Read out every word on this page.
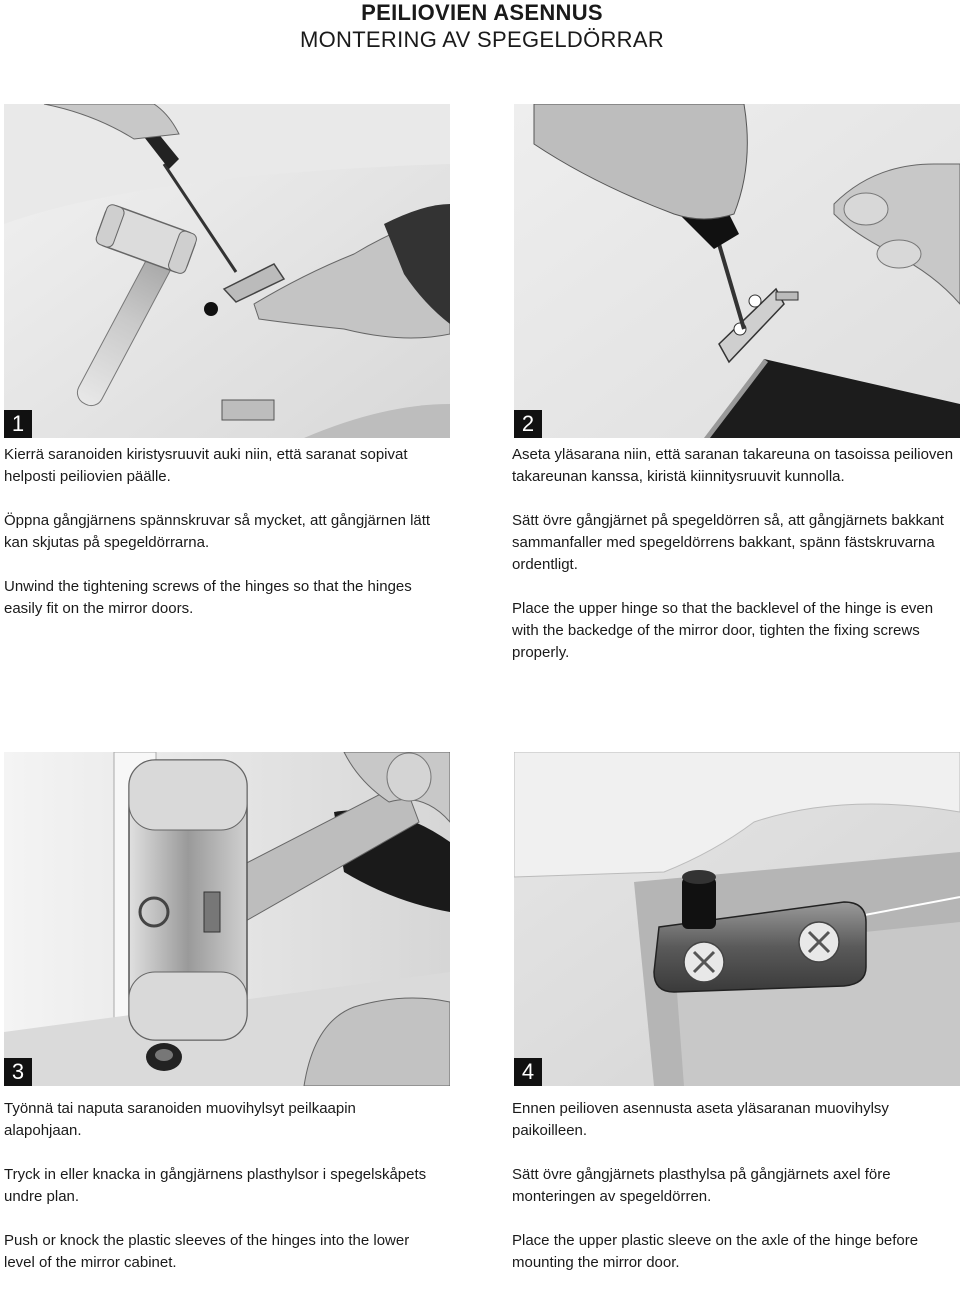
PEILIOVIEN ASENNUS
MONTERING AV SPEGELDÖRRAR
1	2
3	4

Kierrä saranoiden kiristysruuvit auki niin, että saranat sopivat helposti peiliovien päälle.

Öppna gångjärnens spännskruvar så mycket, att gångjärnen lätt kan skjutas på spegeldörrarna.

Unwind the tightening screws of the hinges so that the hinges easily fit on the mirror doors.

Aseta yläsarana niin, että saranan takareuna on tasoissa peilioven takareunan kanssa, kiristä kiinnitysruuvit kunnolla.

Sätt övre gångjärnet på spegeldörren så, att gångjärnets bakkant sammanfaller med spegeldörrens bakkant, spänn fästskruvarna ordentligt.

Place the upper hinge so that the backlevel of the hinge is even with the backedge of the mirror door, tighten the fixing screws properly.

Työnnä tai naputa saranoiden muovihylsyt peilkaapin alapohjaan.

Tryck in eller knacka in gångjärnens plasthylsor i spegelskåpets undre plan.

Push or knock the plastic sleeves of the hinges into the lower level of the mirror cabinet.

Ennen peilioven asennusta aseta yläsaranan muovihylsy paikoilleen.

Sätt övre gångjärnets plasthylsa på gångjärnets axel före monteringen av spegeldörren.

Place the upper plastic sleeve on the axle of the hinge before mounting the mirror door.
